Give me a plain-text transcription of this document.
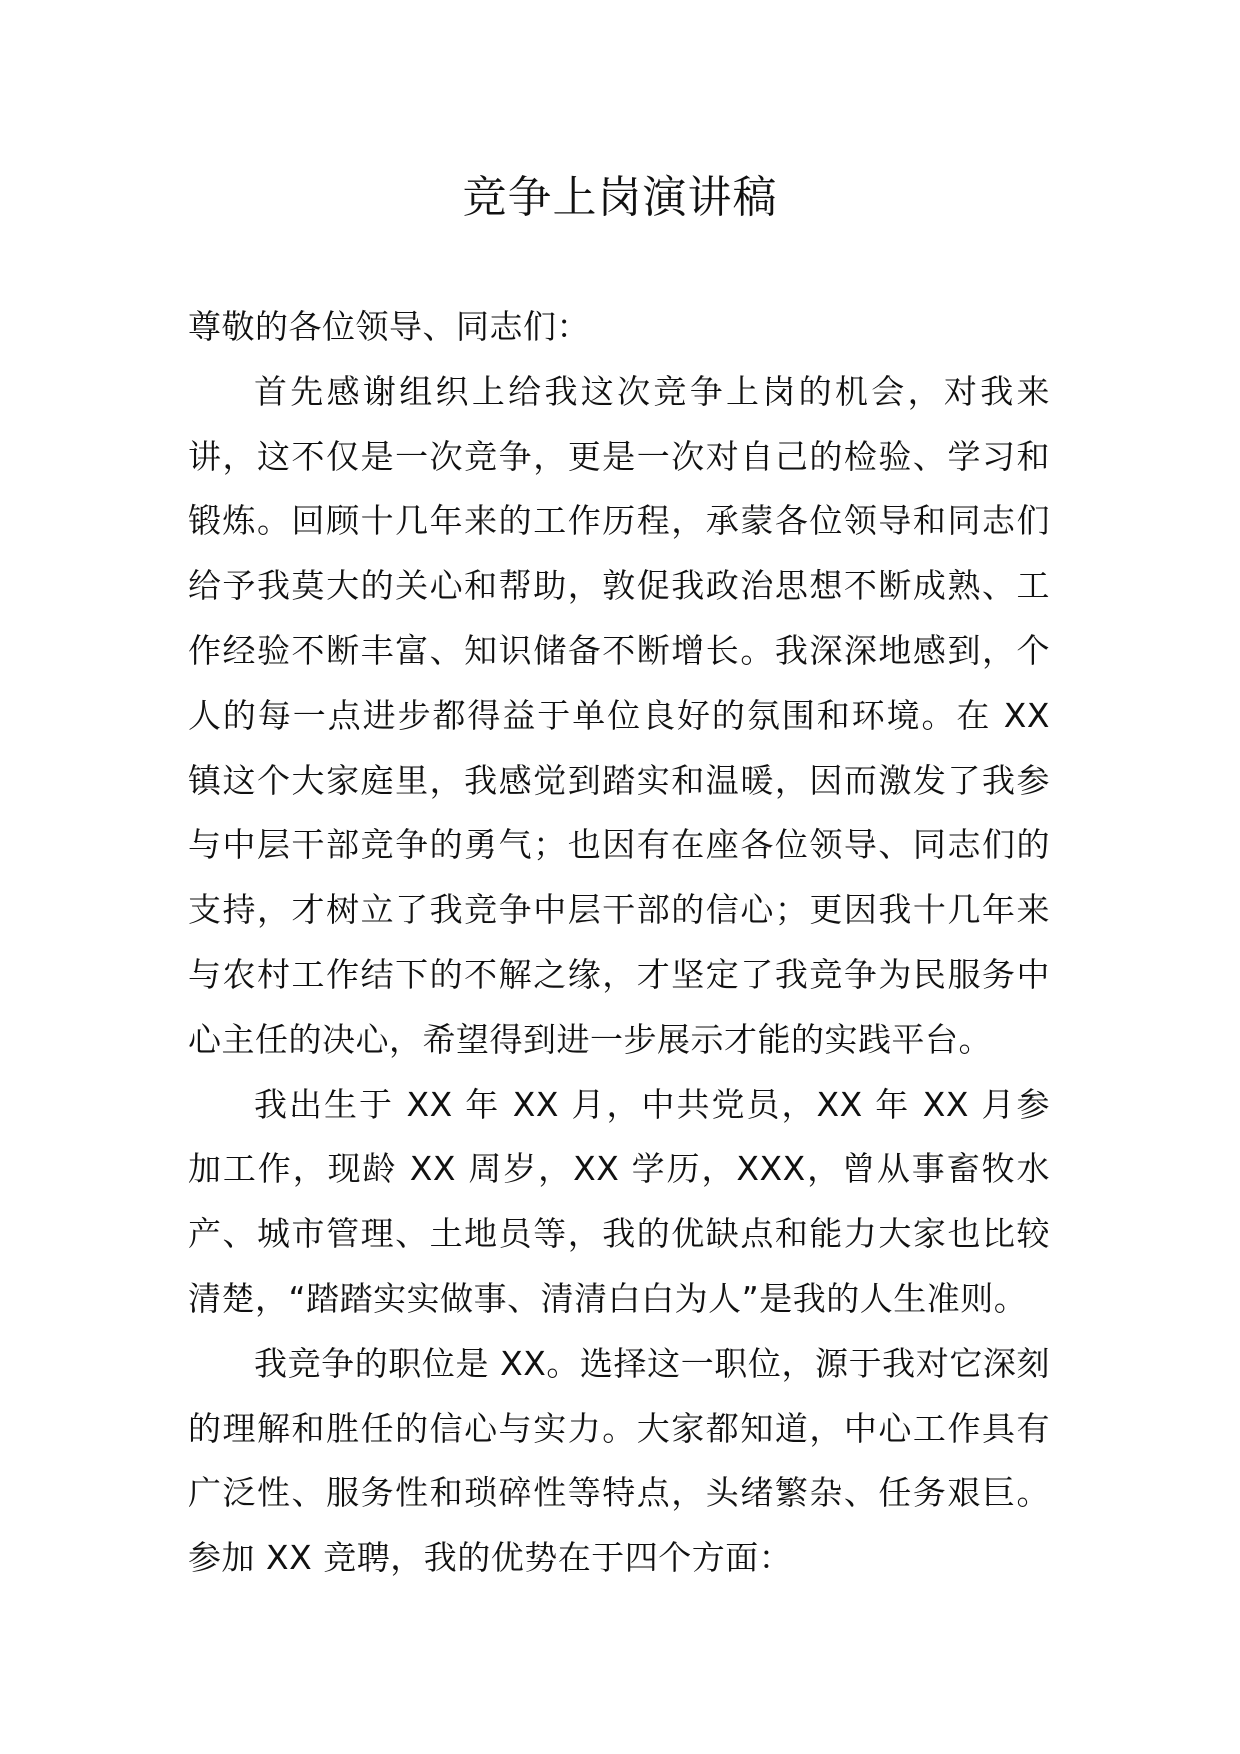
竞争上岗演讲稿

尊敬的各位领导、同志们：

首先感谢组织上给我这次竞争上岗的机会，对我来讲，这不仅是一次竞争，更是一次对自己的检验、学习和锻炼。回顾十几年来的工作历程，承蒙各位领导和同志们给予我莫大的关心和帮助，敦促我政治思想不断成熟、工作经验不断丰富、知识储备不断增长。我深深地感到，个人的每一点进步都得益于单位良好的氛围和环境。在 XX 镇这个大家庭里，我感觉到踏实和温暖，因而激发了我参与中层干部竞争的勇气；也因有在座各位领导、同志们的支持，才树立了我竞争中层干部的信心；更因我十几年来与农村工作结下的不解之缘，才坚定了我竞争为民服务中心主任的决心，希望得到进一步展示才能的实践平台。

我出生于 XX 年 XX 月，中共党员，XX 年 XX 月参加工作，现龄 XX 周岁，XX 学历，XXX，曾从事畜牧水产、城市管理、土地员等，我的优缺点和能力大家也比较清楚，“踏踏实实做事、清清白白为人”是我的人生准则。

我竞争的职位是 XX。选择这一职位，源于我对它深刻的理解和胜任的信心与实力。大家都知道，中心工作具有广泛性、服务性和琐碎性等特点，头绪繁杂、任务艰巨。参加 XX 竞聘，我的优势在于四个方面：
